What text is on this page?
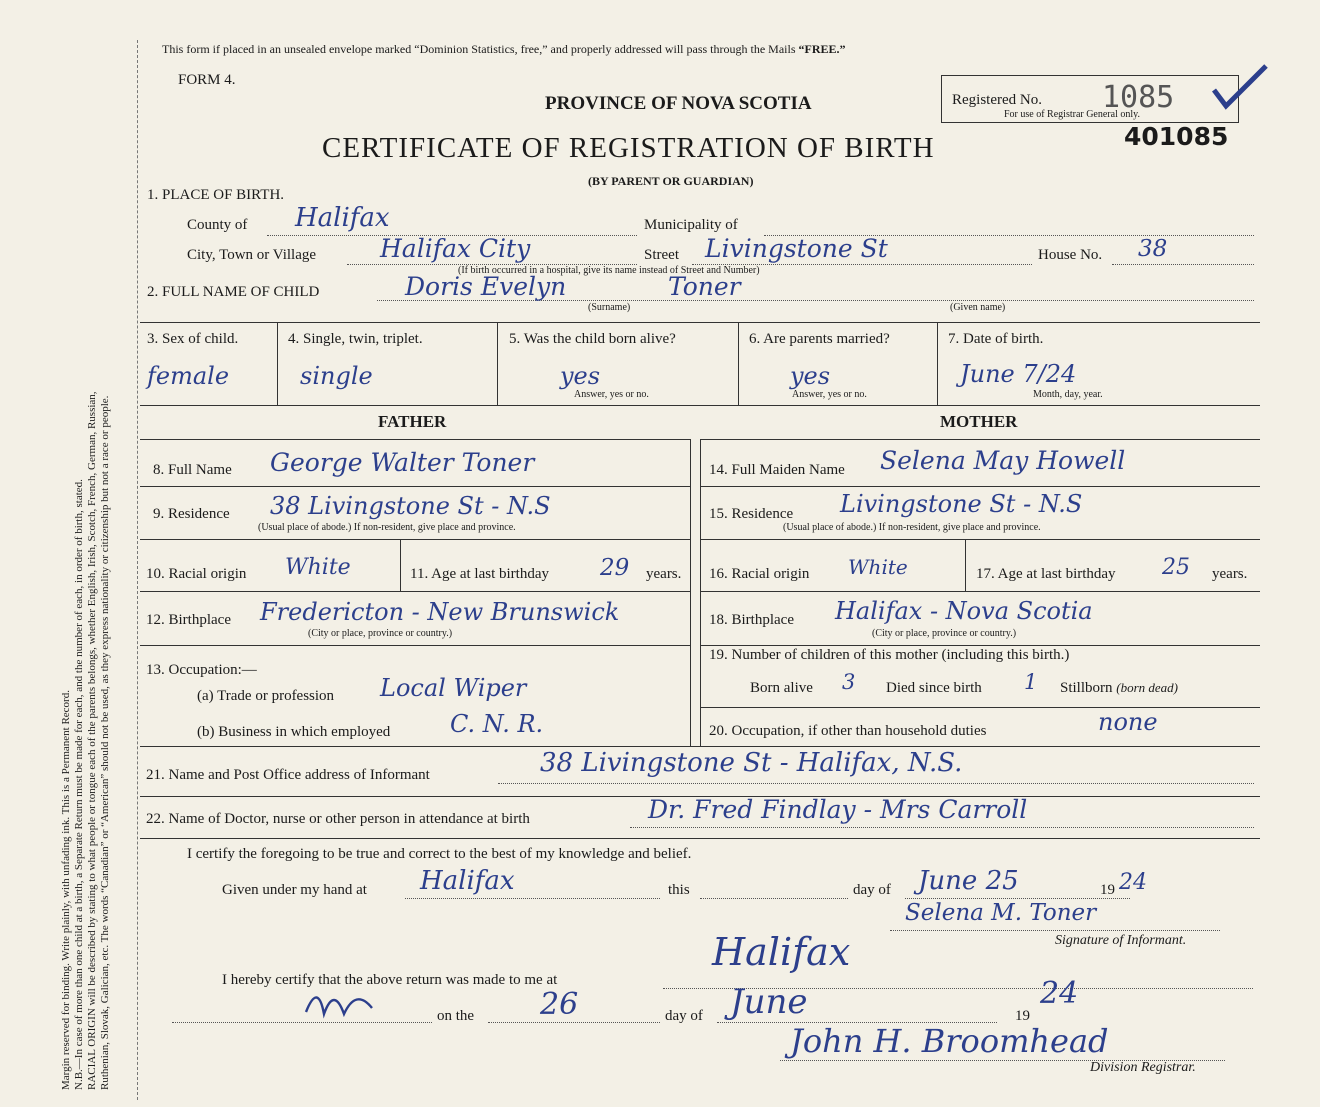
Margin reserved for binding. Write plainly, with unfading ink. This is a Permanent Record. N.B.—In case of more than one child at a birth, a Separate Return must be made for each, and the number of each, in order of birth, stated. RACIAL ORIGIN will be described by stating to what people or tongue each of the parents belongs, whether English, Irish, Scotch, French, German, Russian, Ruthenian, Slovak, Galician, etc. The words “Canadian” or “American” should not be used, as they express nationality or citizenship but not a race or people.
This form if placed in an unsealed envelope marked “Dominion Statistics, free,” and properly addressed will pass through the Mails “FREE.”
FORM 4.
PROVINCE OF NOVA SCOTIA
CERTIFICATE OF REGISTRATION OF BIRTH
(BY PARENT OR GUARDIAN)
Registered No. 1085
For use of Registrar General only.
401085
1. PLACE OF BIRTH.
County of Halifax	Municipality of
City, Town or Village	Halifax City	Street Livingstone St	House No. 38
(If birth occurred in a hospital, give its name instead of Street and Number)
2. FULL NAME OF CHILD	Doris Evelyn	Toner
(Surname)	(Given name)
3. Sex of child.
female
4. Single, twin, triplet.
single
5. Was the child born alive?
yes
Answer, yes or no.
6. Are parents married?
yes
Answer, yes or no.
7. Date of birth.
June 7/24
Month, day, year.
FATHER	MOTHER
8. Full Name George Walter Toner
9. Residence 38 Livingstone St - N.S
(Usual place of abode.) If non-resident, give place and province.
10. Racial origin White	11. Age at last birthday 29 years.
12. Birthplace Fredericton - New Brunswick
(City or place, province or country.)
13. Occupation:—
(a) Trade or profession Local Wiper
(b) Business in which employed C. N. R.
14. Full Maiden Name Selena May Howell
15. Residence Livingstone St - N.S
(Usual place of abode.) If non-resident, give place and province.
16. Racial origin White	17. Age at last birthday 25 years.
18. Birthplace Halifax - Nova Scotia
(City or place, province or country.)
19. Number of children of this mother (including this birth.)
Born alive 3 Died since birth 1 Stillborn (born dead)
20. Occupation, if other than household duties	none
21. Name and Post Office address of Informant	38 Livingstone St - Halifax, N.S.
22. Name of Doctor, nurse or other person in attendance at birth	Dr. Fred Findlay - Mrs Carroll
I certify the foregoing to be true and correct to the best of my knowledge and belief.
Given under my hand at Halifax	this	day of June 25	19 24
Selena M. Toner
Signature of Informant.
Halifax
I hereby certify that the above return was made to me at
on the 26	day of June	19
24
John H. Broomhead
Division Registrar.
